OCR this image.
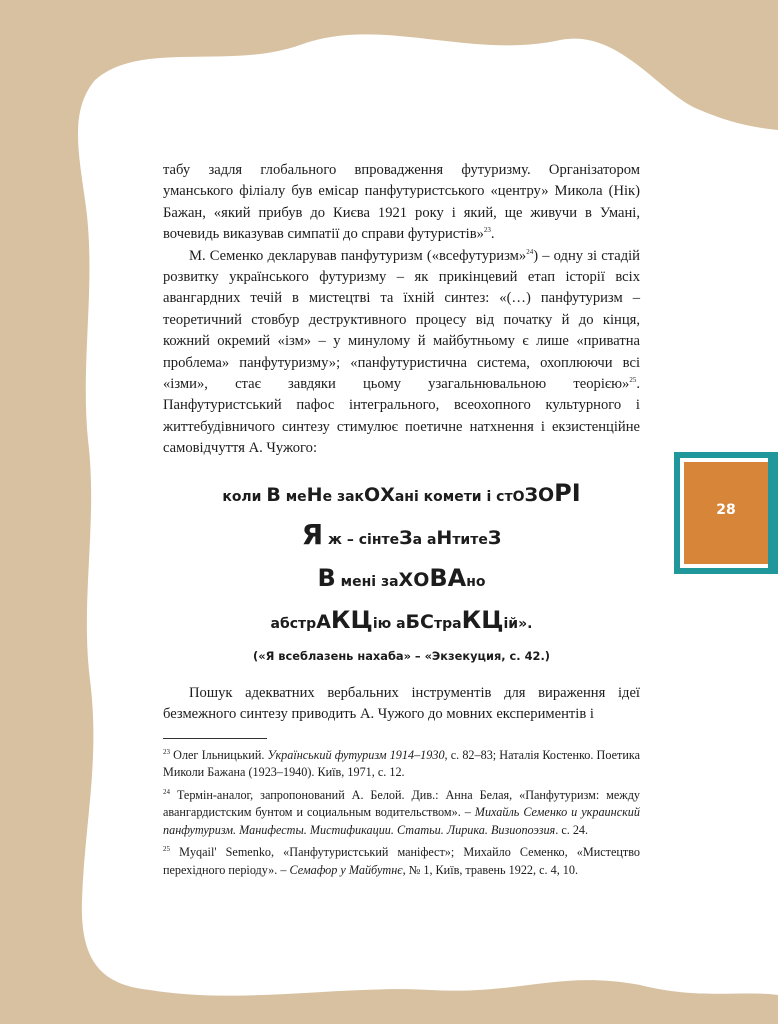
табу задля глобального впровадження футуризму. Організатором уманського філіалу був емісар панфутуристського «центру» Микола (Нік) Бажан, «який прибув до Києва 1921 року і який, ще живучи в Умані, вочевидь виказував симпатії до справи футуристів»$^{23}$.

М. Семенко декларував панфутуризм («всефутуризм»$^{24}$) – одну зі стадій розвитку українського футуризму – як прикінцевий етап історії всіх авангардних течій в мистецтві та їхній синтез: «(…) панфутуризм – теоретичний стовбур деструктивного процесу від початку й до кінця, кожний окремий «ізм» – у минулому й майбутньому є лише «приватна проблема» панфутуризму»; «панфутуристична система, охоплюючи всі «ізми», стає завдяки цьому узагальнювальною теорією»$^{25}$. Панфутуристський пафос інтегрального, всеохопного культурного і життебудівничого синтезу стимулює поетичне натхнення і екзистенційне самовідчуття А. Чужого:

коли В меНе закОХані комети і стОЗОРІ
Я ж – сінтеЗа аНтитеЗ
В мені заХОВАно
абстрАКЦію аБСтраКЦій».
(«Я всеблазень нахаба» – «Экзекуция, с. 42.)

Пошук адекватних вербальних інструментів для вираження ідеї безмежного синтезу приводить А. Чужого до мовних експериментів і

$^{23}$ Олег Ільницький. Український футуризм 1914–1930, с. 82–83; Наталія Костенко. Поетика Миколи Бажана (1923–1940). Київ, 1971, с. 12.

$^{24}$ Термін-аналог, запропонований А. Белой. Див.: Анна Белая, «Панфутуризм: между авангардистским бунтом и социальным водительством». – Михайль Семенко и украинский панфутуризм. Манифесты. Мистификации. Статьи. Лирика. Визиопоэзия. с. 24.

$^{25}$ Myqail' Semenko, «Панфутуристський маніфест»; Михайло Семенко, «Мистецтво перехідного періоду». – Семафор у Майбутнє, № 1, Київ, травень 1922, с. 4, 10.

28
